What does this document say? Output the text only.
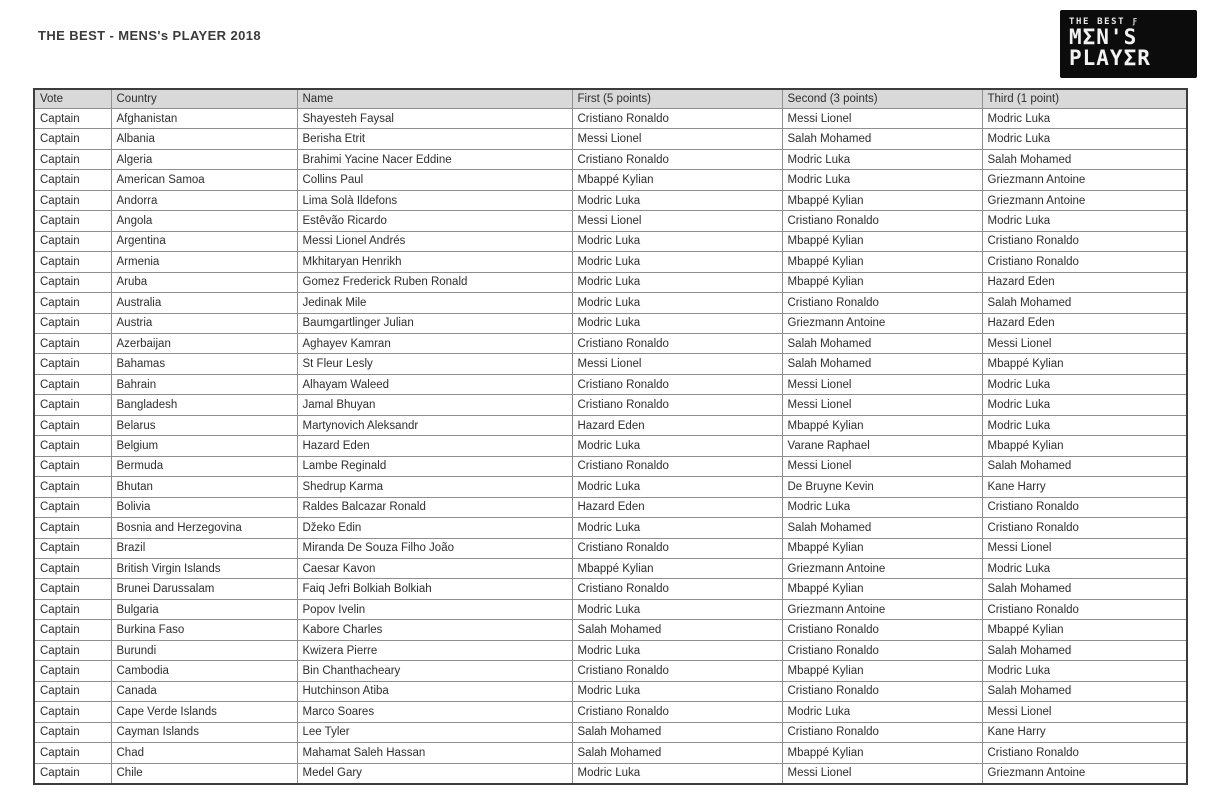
THE BEST - MENS's PLAYER 2018
THE BEST Ƒ
MΣN'S
PLAYΣR
Vote	Country	Name	First (5 points)	Second (3 points)	Third (1 point)
Captain	Afghanistan	Shayesteh Faysal	Cristiano Ronaldo	Messi Lionel	Modric Luka
Captain	Albania	Berisha Etrit	Messi Lionel	Salah Mohamed	Modric Luka
Captain	Algeria	Brahimi Yacine Nacer Eddine	Cristiano Ronaldo	Modric Luka	Salah Mohamed
Captain	American Samoa	Collins Paul	Mbappé Kylian	Modric Luka	Griezmann Antoine
Captain	Andorra	Lima Solà Ildefons	Modric Luka	Mbappé Kylian	Griezmann Antoine
Captain	Angola	Estêvão Ricardo	Messi Lionel	Cristiano Ronaldo	Modric Luka
Captain	Argentina	Messi Lionel Andrés	Modric Luka	Mbappé Kylian	Cristiano Ronaldo
Captain	Armenia	Mkhitaryan Henrikh	Modric Luka	Mbappé Kylian	Cristiano Ronaldo
Captain	Aruba	Gomez Frederick Ruben Ronald	Modric Luka	Mbappé Kylian	Hazard Eden
Captain	Australia	Jedinak Mile	Modric Luka	Cristiano Ronaldo	Salah Mohamed
Captain	Austria	Baumgartlinger Julian	Modric Luka	Griezmann Antoine	Hazard Eden
Captain	Azerbaijan	Aghayev Kamran	Cristiano Ronaldo	Salah Mohamed	Messi Lionel
Captain	Bahamas	St Fleur Lesly	Messi Lionel	Salah Mohamed	Mbappé Kylian
Captain	Bahrain	Alhayam Waleed	Cristiano Ronaldo	Messi Lionel	Modric Luka
Captain	Bangladesh	Jamal Bhuyan	Cristiano Ronaldo	Messi Lionel	Modric Luka
Captain	Belarus	Martynovich Aleksandr	Hazard Eden	Mbappé Kylian	Modric Luka
Captain	Belgium	Hazard Eden	Modric Luka	Varane Raphael	Mbappé Kylian
Captain	Bermuda	Lambe Reginald	Cristiano Ronaldo	Messi Lionel	Salah Mohamed
Captain	Bhutan	Shedrup Karma	Modric Luka	De Bruyne Kevin	Kane Harry
Captain	Bolivia	Raldes Balcazar Ronald	Hazard Eden	Modric Luka	Cristiano Ronaldo
Captain	Bosnia and Herzegovina	Džeko Edin	Modric Luka	Salah Mohamed	Cristiano Ronaldo
Captain	Brazil	Miranda De Souza Filho João	Cristiano Ronaldo	Mbappé Kylian	Messi Lionel
Captain	British Virgin Islands	Caesar Kavon	Mbappé Kylian	Griezmann Antoine	Modric Luka
Captain	Brunei Darussalam	Faiq Jefri Bolkiah Bolkiah	Cristiano Ronaldo	Mbappé Kylian	Salah Mohamed
Captain	Bulgaria	Popov Ivelin	Modric Luka	Griezmann Antoine	Cristiano Ronaldo
Captain	Burkina Faso	Kabore Charles	Salah Mohamed	Cristiano Ronaldo	Mbappé Kylian
Captain	Burundi	Kwizera Pierre	Modric Luka	Cristiano Ronaldo	Salah Mohamed
Captain	Cambodia	Bin Chanthacheary	Cristiano Ronaldo	Mbappé Kylian	Modric Luka
Captain	Canada	Hutchinson Atiba	Modric Luka	Cristiano Ronaldo	Salah Mohamed
Captain	Cape Verde Islands	Marco Soares	Cristiano Ronaldo	Modric Luka	Messi Lionel
Captain	Cayman Islands	Lee Tyler	Salah Mohamed	Cristiano Ronaldo	Kane Harry
Captain	Chad	Mahamat Saleh Hassan	Salah Mohamed	Mbappé Kylian	Cristiano Ronaldo
Captain	Chile	Medel Gary	Modric Luka	Messi Lionel	Griezmann Antoine
